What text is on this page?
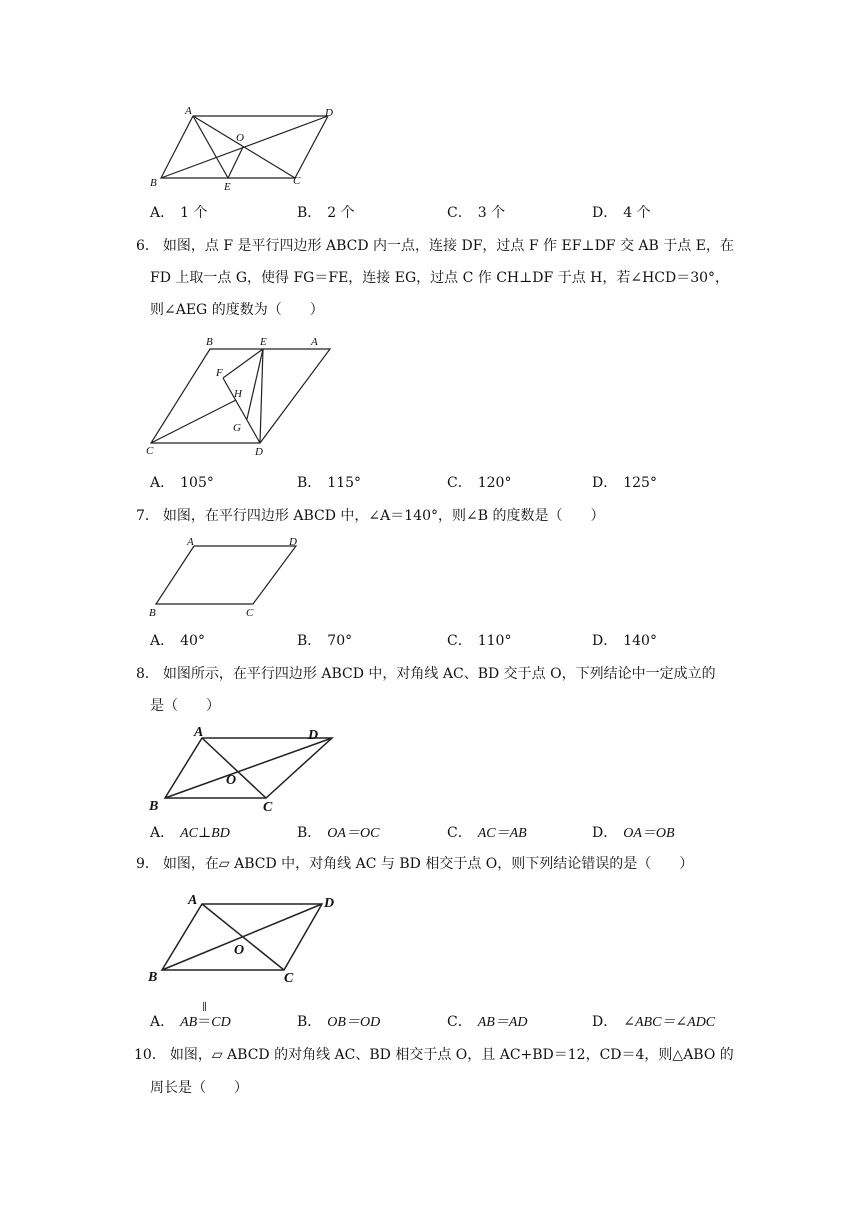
A	D
O
B	E	C
A． 1 个	B． 2 个	C． 3 个	D． 4 个

6． 如图，点 F 是平行四边形 ABCD 内一点，连接 DF，过点 F 作 EF⊥DF 交 AB 于点 E，在

FD 上取一点 G，使得 FG＝FE，连接 EG，过点 C 作 CH⊥DF 于点 H，若∠HCD＝30°，

则∠AEG 的度数为（　　）

B	E	A
F
H
G
C	D
A． 105°	B． 115°	C． 120°	D． 125°

7． 如图，在平行四边形 ABCD 中，∠A＝140°，则∠B 的度数是（　　）

A	D
B	C
A． 40°	B． 70°	C． 110°	D． 140°

8． 如图所示，在平行四边形 ABCD 中，对角线 AC、BD 交于点 O，下列结论中一定成立的

是（　　）

A	D
O
B	C
A． AC⊥BD	B． OA＝OC	C． AC＝AB	D． OA＝OB

9． 如图，在▱ ABCD 中，对角线 AC 与 BD 相交于点 O，则下列结论错误的是（　　）

A	D
O
B	C
A． AB
∥
＝CD	B． OB＝OD	C． AB＝AD	D． ∠ABC＝∠ADC

10． 如图，▱ ABCD 的对角线 AC、BD 相交于点 O，且 AC+BD＝12，CD＝4，则△ABO 的

周长是（　　）
